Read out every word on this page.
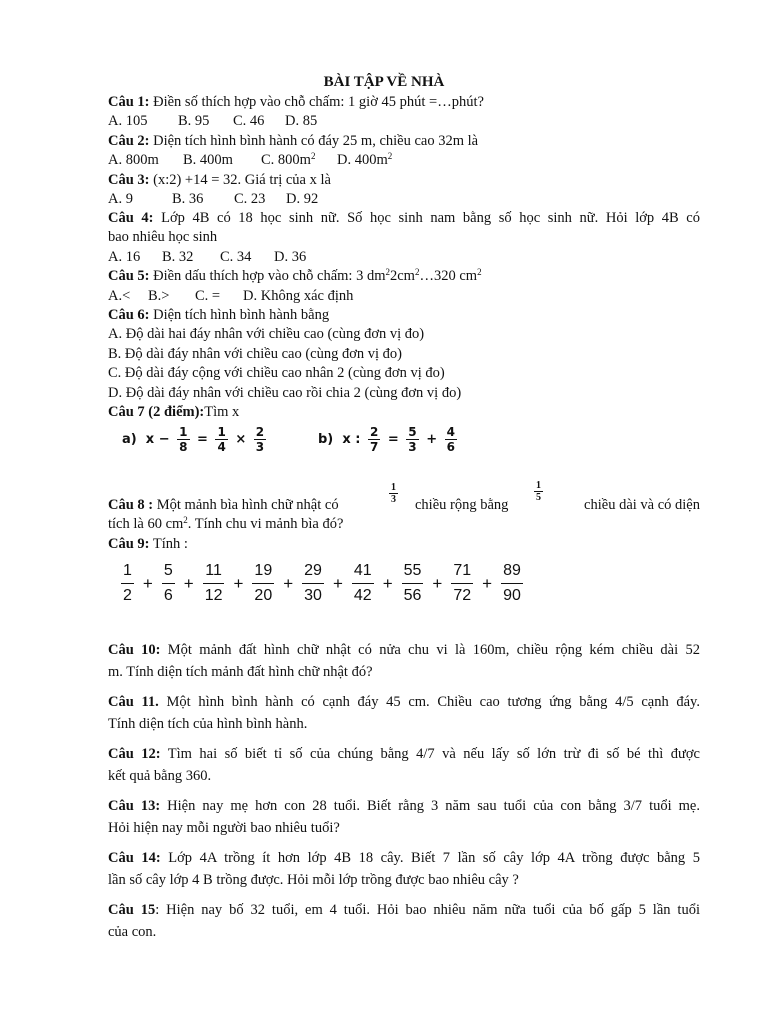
BÀI TẬP VỀ NHÀ
Câu 1: Điền số thích hợp vào chỗ chấm: 1 giờ 45 phút =…phút?
A. 105 B. 95 C. 46 D. 85
Câu 2: Diện tích hình bình hành có đáy 25 m, chiều cao 32m là
A. 800m B. 400m C. $800m^2$ D. $400m^2$
Câu 3: (x:2) +14 = 32. Giá trị của x là
A. 9	B. 36 C. 23 D. 92
Câu 4: Lớp 4B có 18 học sinh nữ. Số học sinh nam bằng số học sinh nữ. Hỏi lớp 4B có
bao nhiêu học sinh
A. 16 B. 32 C. 34 D. 36
Câu 5: Điền dấu thích hợp vào chỗ chấm: 3 $dm^22cm^2\dots 320$ $cm^2$
A.< B.> C. = D. Không xác định
Câu 6: Diện tích hình bình hành bằng
A. Độ dài hai đáy nhân với chiều cao (cùng đơn vị đo)
B. Độ dài đáy nhân với chiều cao (cùng đơn vị đo)
C. Độ dài đáy cộng với chiều cao nhân 2 (cùng đơn vị đo)
D. Độ dài đáy nhân với chiều cao rồi chia 2 (cùng đơn vị đo)
Câu 7 (2 điểm):Tìm x
a) $x - \frac{1}{8} = \frac{1}{4} \times \frac{2}{3}$	b) x : $\frac{2}{7} = \frac{5}{3} + \frac{4}{6}$
Câu 8 : Một mảnh bìa hình chữ nhật có	$\frac{1}{3}$ chiều rộng bằng
$\frac{1}{5}$
chiều dài và có diện
tích là 60 $cm^2$. Tính chu vi mảnh bìa đó?
Câu 9: Tính :
$\frac{1}{2} + \frac{5}{6} + \frac{11}{12} + \frac{19}{20} + \frac{29}{30} + \frac{41}{42} + \frac{55}{56} + \frac{71}{72} + \frac{89}{90}$
Câu 10: Một mảnh đất hình chữ nhật có nửa chu vi là 160m, chiều rộng kém chiều dài 52
m. Tính diện tích mảnh đất hình chữ nhật đó?
Câu 11. Một hình bình hành có cạnh đáy 45 cm. Chiều cao tương ứng bằng 4/5 cạnh đáy.
Tính diện tích của hình bình hành.
Câu 12: Tìm hai số biết tỉ số của chúng bằng 4/7 và nếu lấy số lớn trừ đi số bé thì được
kết quả bằng 360.
Câu 13: Hiện nay mẹ hơn con 28 tuổi. Biết rằng 3 năm sau tuổi của con bằng 3/7 tuổi mẹ.
Hỏi hiện nay mỗi người bao nhiêu tuổi?
Câu 14: Lớp 4A trồng ít hơn lớp 4B 18 cây. Biết 7 lần số cây lớp 4A trồng được bằng 5
lần số cây lớp 4 B trồng được. Hỏi mỗi lớp trồng được bao nhiêu cây ?
Câu 15: Hiện nay bố 32 tuổi, em 4 tuổi. Hỏi bao nhiêu năm nữa tuổi của bố gấp 5 lần tuổi
của con.
